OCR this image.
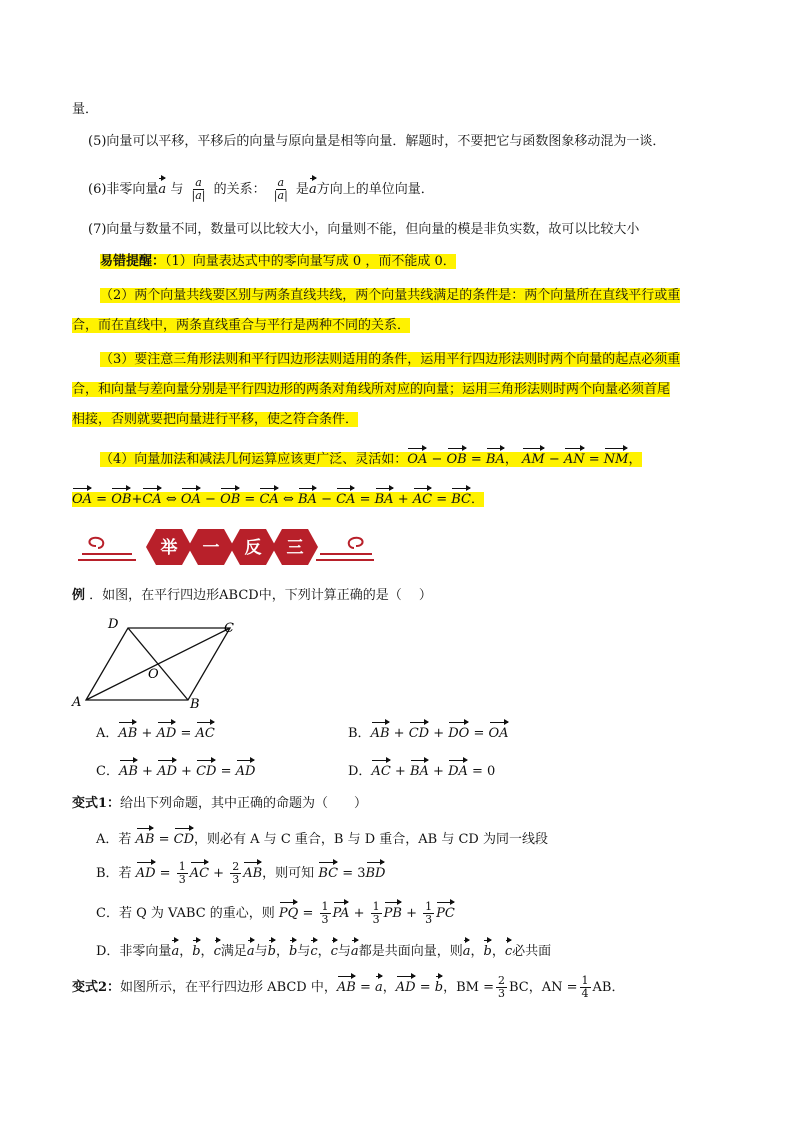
量．
(5)向量可以平移，平移后的向量与原向量是相等向量．解题时，不要把它与函数图象移动混为一谈．
(6)非零向量a 与 $\frac{a}{|a|}$ 的关系： $\frac{a}{|a|}$ 是a方向上的单位向量．
(7)向量与数量不同，数量可以比较大小，向量则不能，但向量的模是非负实数，故可以比较大小
易错提醒：（1）向量表达式中的零向量写成 0 ，而不能成 0．
（2）两个向量共线要区别与两条直线共线，两个向量共线满足的条件是：两个向量所在直线平行或重
合，而在直线中，两条直线重合与平行是两种不同的关系．
（3）要注意三角形法则和平行四边形法则适用的条件，运用平行四边形法则时两个向量的起点必须重
合，和向量与差向量分别是平行四边形的两条对角线所对应的向量；运用三角形法则时两个向量必须首尾
相接，否则就要把向量进行平移，使之符合条件．
（4）向量加法和减法几何运算应该更广泛、灵活如：OA − OB = BA， AM − AN = NM，
OA = OB+CA ⇔ OA − OB = CA ⇔ BA − CA = BA + AC = BC．
举 一 反 三
例 ．如图，在平行四边形ABCD中，下列计算正确的是（　 ）
D	C
O
A	B
A．AB + AD = AC	B．AB + CD + DO = OA
C．AB + AD + CD = AD	D．AC + BA + DA = 0
变式1：给出下列命题，其中正确的命题为（　　）
A．若 AB = CD，则必有 A 与 C 重合，B 与 D 重合，AB 与 CD 为同一线段
B．若 AD = $\frac{1}{3}$ AC + $\frac{2}{3}$ AB，则可知 BC = 3BD
C．若 Q 为 VABC 的重心，则 PQ = $\frac{1}{3}$ PA + $\frac{1}{3}$ PB + $\frac{1}{3}$ PC
D．非零向量a，b，c满足a与b，b与c，c与a都是共面向量，则a，b，c必共面
变式2：如图所示，在平行四边形 ABCD 中，AB = a，AD = b，BM = $\frac{2}{3}$ BC，AN = $\frac{1}{4}$ AB．
